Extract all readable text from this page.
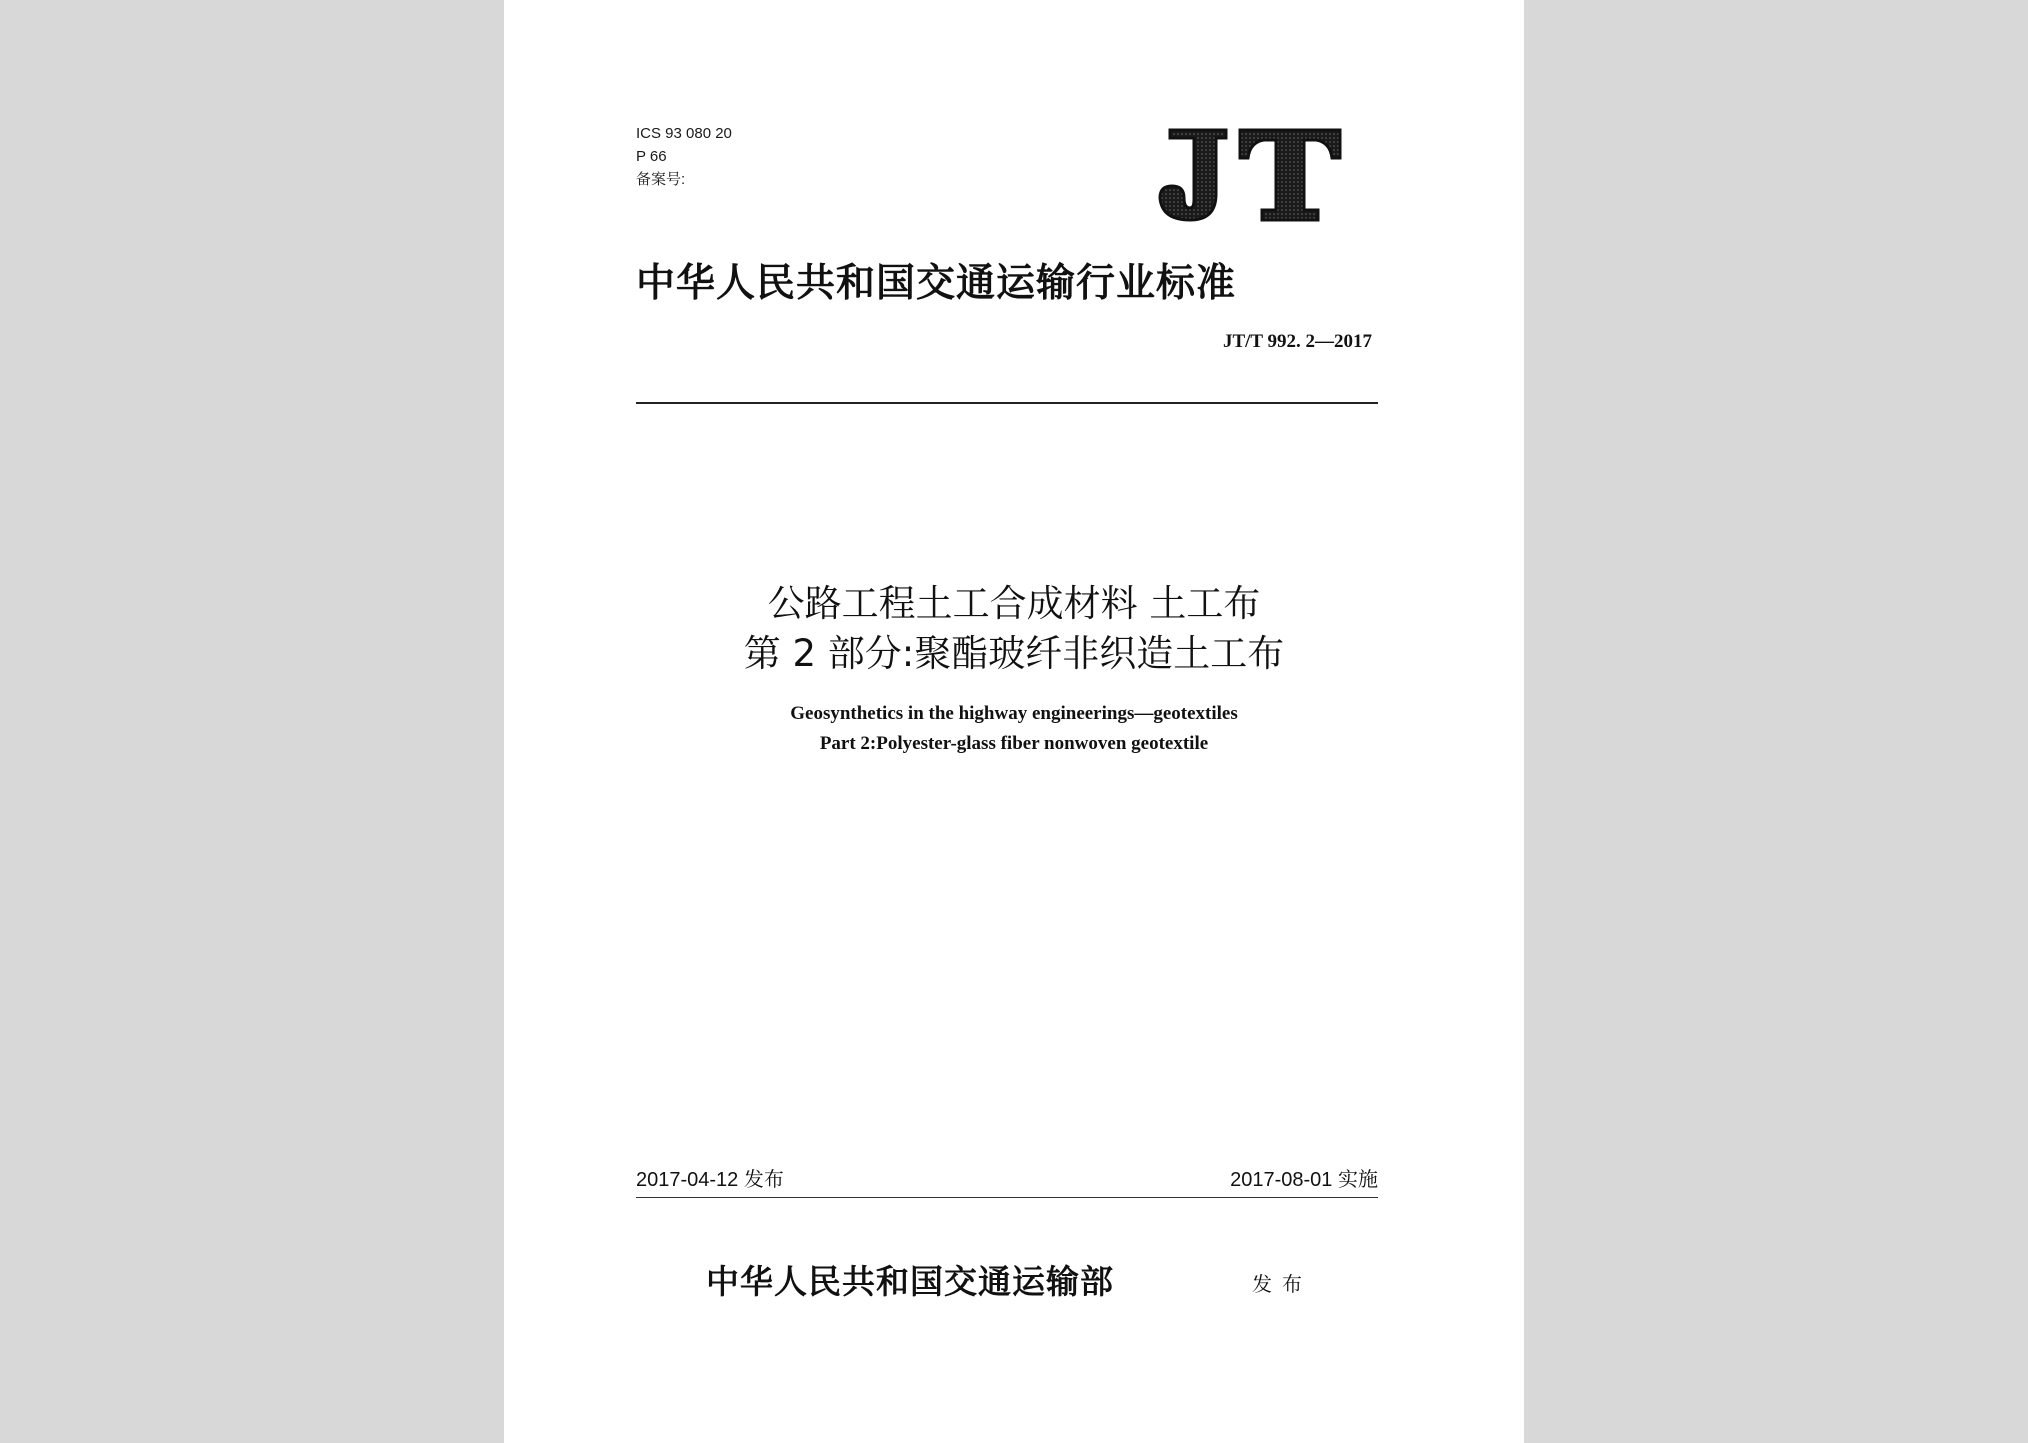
ICS 93 080 20
P 66
备案号:
中华人民共和国交通运输行业标准
JT/T 992. 2—2017
公路工程土工合成材料 土工布
第 2 部分:聚酯玻纤非织造土工布
Geosynthetics in the highway engineerings—geotextiles
Part 2:Polyester-glass fiber nonwoven geotextile
2017-04-12 发布	2017-08-01 实施
中华人民共和国交通运输部	发布
